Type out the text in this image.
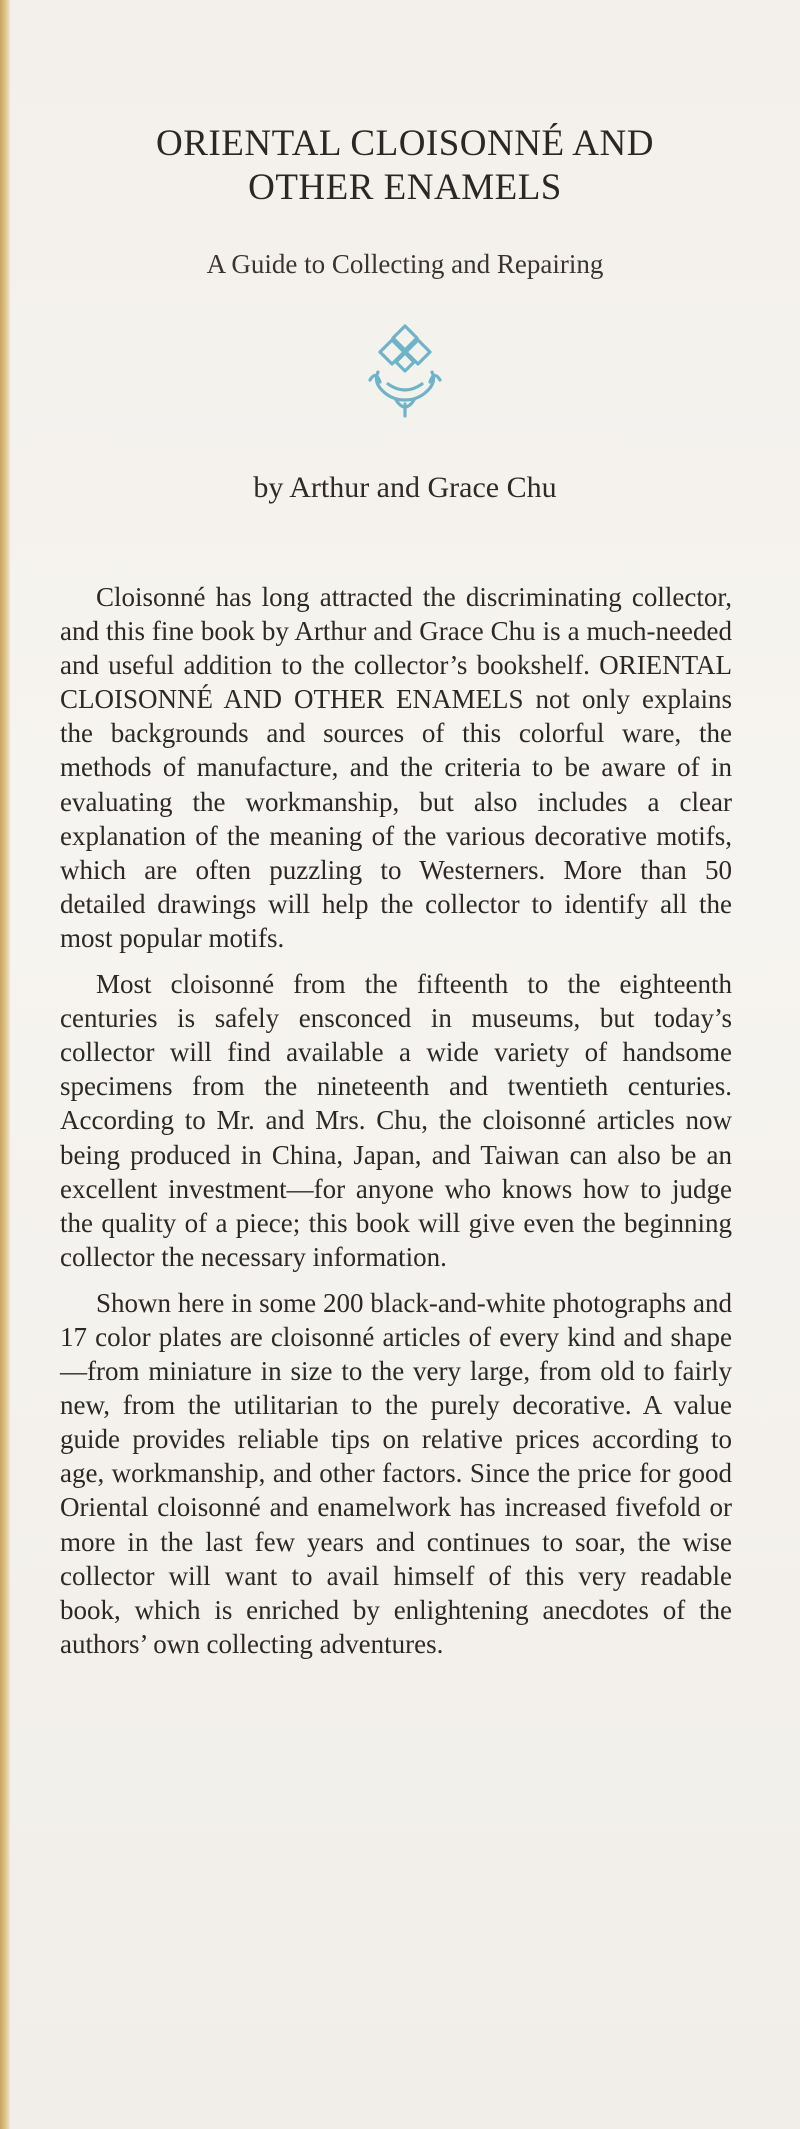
ORIENTAL CLOISONNÉ AND
OTHER ENAMELS

A Guide to Collecting and Repairing

by Arthur and Grace Chu

Cloisonné has long attracted the discriminating collector, and this fine book by Arthur and Grace Chu is a much-needed and useful addition to the collector’s bookshelf. ORIENTAL CLOISONNÉ AND OTHER ENAMELS not only explains the backgrounds and sources of this colorful ware, the methods of manufacture, and the criteria to be aware of in evaluating the workmanship, but also includes a clear explanation of the meaning of the various decorative motifs, which are often puzzling to Westerners. More than 50 detailed drawings will help the collector to identify all the most popular motifs.

Most cloisonné from the fifteenth to the eighteenth centuries is safely ensconced in museums, but today’s collector will find available a wide variety of handsome specimens from the nineteenth and twentieth centuries. According to Mr. and Mrs. Chu, the cloisonné articles now being produced in China, Japan, and Taiwan can also be an excellent investment—for anyone who knows how to judge the quality of a piece; this book will give even the beginning collector the necessary information.

Shown here in some 200 black-and-white photographs and 17 color plates are cloisonné articles of every kind and shape—from miniature in size to the very large, from old to fairly new, from the utilitarian to the purely decorative. A value guide provides reliable tips on relative prices according to age, workmanship, and other factors. Since the price for good Oriental cloisonné and enamelwork has increased fivefold or more in the last few years and continues to soar, the wise collector will want to avail himself of this very readable book, which is enriched by enlightening anecdotes of the authors’ own collecting adventures.
